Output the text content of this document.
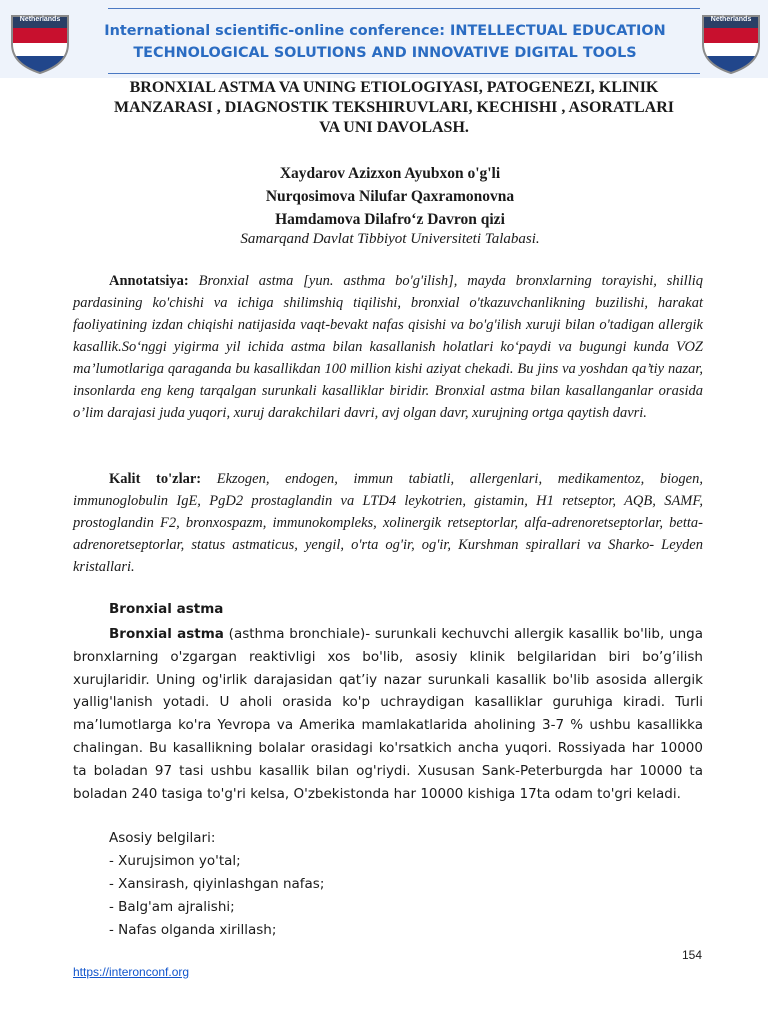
Netherlands
International scientific-online conference: INTELLECTUAL EDUCATION
TECHNOLOGICAL SOLUTIONS AND INNOVATIVE DIGITAL TOOLS
Netherlands
BRONXIAL ASTMA VA UNING ETIOLOGIYASI, PATOGENEZI, KLINIK
MANZARASI , DIAGNOSTIK TEKSHIRUVLARI, KECHISHI , ASORATLARI
VA UNI DAVOLASH.
Xaydarov Azizxon Ayubxon o'g'li
Nurqosimova Nilufar Qaxramonovna
Hamdamova Dilafro‘z Davron qizi
Samarqand Davlat Tibbiyot Universiteti Talabasi.
Annotatsiya: Bronxial astma [yun. asthma bo'g'ilish], mayda bronxlarning torayishi, shilliq pardasining ko'chishi va ichiga shilimshiq tiqilishi, bronxial o'tkazuvchanlikning buzilishi, harakat faoliyatining izdan chiqishi natijasida vaqt-bevakt nafas qisishi va bo'g'ilish xuruji bilan o'tadigan allergik kasallik.So‘nggi yigirma yil ichida astma bilan kasallanish holatlari ko‘paydi va bugungi kunda VOZ ma’lumotlariga qaraganda bu kasallikdan 100 million kishi aziyat chekadi. Bu jins va yoshdan qa’tiy nazar, insonlarda eng keng tarqalgan surunkali kasalliklar biridir. Bronxial astma bilan kasallanganlar orasida o’lim darajasi juda yuqori, xuruj darakchilari davri, avj olgan davr, xurujning ortga qaytish davri.
Kalit to'zlar: Ekzogen, endogen, immun tabiatli, allergenlari, medikamentoz, biogen, immunoglobulin IgE, PgD2 prostaglandin va LTD4 leykotrien, gistamin, H1 retseptor, AQB, SAMF, prostoglandin F2, bronxospazm, immunokompleks, xolinergik retseptorlar, alfa-adrenoretseptorlar, betta- adrenoretseptorlar, status astmaticus, yengil, o'rta og'ir, og'ir, Kurshman spirallari va Sharko- Leyden kristallari.
Bronxial astma
Bronxial astma (asthma bronchiale)- surunkali kechuvchi allergik kasallik bo'lib, unga bronxlarning o'zgargan reaktivligi xos bo'lib, asosiy klinik belgilaridan biri bo’g’ilish xurujlaridir. Uning og'irlik darajasidan qat’iy nazar surunkali kasallik bo'lib asosida allergik yallig'lanish yotadi. U aholi orasida ko'p uchraydigan kasalliklar guruhiga kiradi. Turli ma’lumotlarga ko'ra Yevropa va Amerika mamlakatlarida aholining 3-7 % ushbu kasallikka chalingan. Bu kasallikning bolalar orasidagi ko'rsatkich ancha yuqori. Rossiyada har 10000 ta boladan 97 tasi ushbu kasallik bilan og'riydi. Xususan Sank-Peterburgda har 10000 ta boladan 240 tasiga to'g'ri kelsa, O'zbekistonda har 10000 kishiga 17ta odam to'gri keladi.
Asosiy belgilari:
- Xurujsimon yo'tal;
- Xansirash, qiyinlashgan nafas;
- Balg'am ajralishi;
- Nafas olganda xirillash;
154
https://interonconf.org
